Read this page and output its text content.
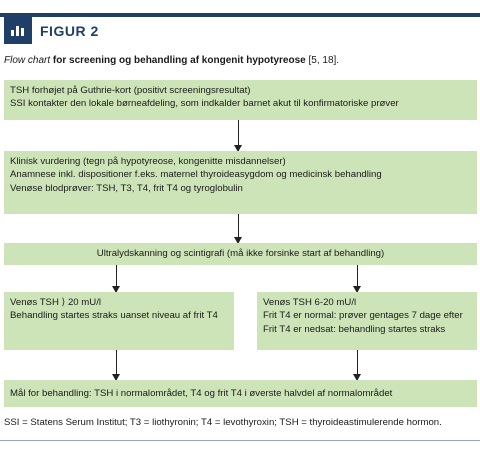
FIGUR 2
Flow chart for screening og behandling af kongenit hypotyreose [5, 18].
TSH forhøjet på Guthrie-kort (positivt screeningsresultat)
SSI kontakter den lokale børneafdeling, som indkalder barnet akut til konfirmatoriske prøver
Klinisk vurdering (tegn på hypotyreose, kongenitte misdannelser)
Anamnese inkl. dispositioner f.eks. maternel thyroideasygdom og medicinsk behandling
Venøse blodprøver: TSH, T3, T4, frit T4 og tyroglobulin
Ultralydskanning og scintigrafi (må ikke forsinke start af behandling)
Venøs TSH ⟩ 20 mU/l
Behandling startes straks uanset niveau af frit T4
Venøs TSH 6-20 mU/l
Frit T4 er normal: prøver gentages 7 dage efter
Frit T4 er nedsat: behandling startes straks
Mål for behandling: TSH i normalområdet, T4 og frit T4 i øverste halvdel af normalområdet
SSI = Statens Serum Institut; T3 = liothyronin; T4 = levothyroxin; TSH = thyroideastimulerende hormon.
